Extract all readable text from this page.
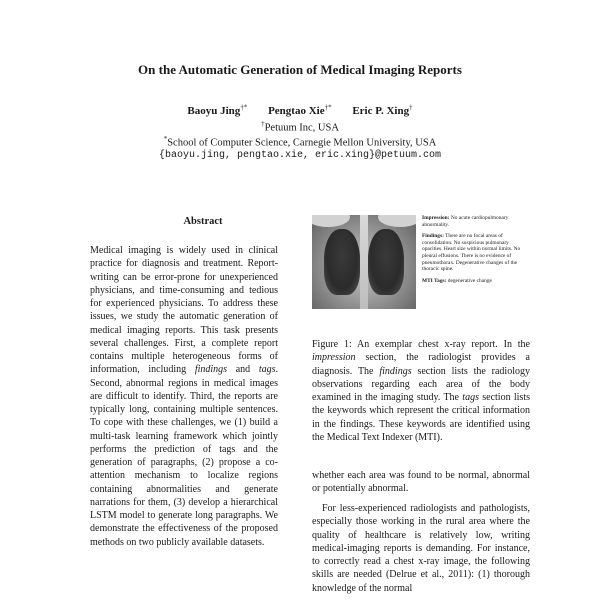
On the Automatic Generation of Medical Imaging Reports
Baoyu Jing†* Pengtao Xie†* Eric P. Xing†
†Petuum Inc, USA
*School of Computer Science, Carnegie Mellon University, USA
{baoyu.jing, pengtao.xie, eric.xing}@petuum.com
Abstract

Medical imaging is widely used in clinical practice for diagnosis and treatment. Report-writing can be error-prone for unexperienced physicians, and time-consuming and tedious for experienced physicians. To address these issues, we study the automatic generation of medical imaging reports. This task presents several challenges. First, a complete report contains multiple heterogeneous forms of information, including findings and tags. Second, abnormal regions in medical images are difficult to identify. Third, the reports are typically long, containing multiple sentences. To cope with these challenges, we (1) build a multi-task learning framework which jointly performs the prediction of tags and the generation of paragraphs, (2) propose a co-attention mechanism to localize regions containing abnormalities and generate narrations for them, (3) develop a hierarchical LSTM model to generate long paragraphs. We demonstrate the effectiveness of the proposed methods on two publicly available datasets.

Impression: No acute cardiopulmonary abnormality.

Findings: There are no focal areas of consolidation. No suspicious pulmonary opacities. Heart size within normal limits. No pleural effusions. There is no evidence of pneumothorax. Degenerative changes of the thoracic spine.

MTI Tags: degenerative change

Figure 1: An exemplar chest x-ray report. In the impression section, the radiologist provides a diagnosis. The findings section lists the radiology observations regarding each area of the body examined in the imaging study. The tags section lists the keywords which represent the critical information in the findings. These keywords are identified using the Medical Text Indexer (MTI).

whether each area was found to be normal, abnormal or potentially abnormal.

For less-experienced radiologists and pathologists, especially those working in the rural area where the quality of healthcare is relatively low, writing medical-imaging reports is demanding. For instance, to correctly read a chest x-ray image, the following skills are needed (Delrue et al., 2011): (1) thorough knowledge of the normal
